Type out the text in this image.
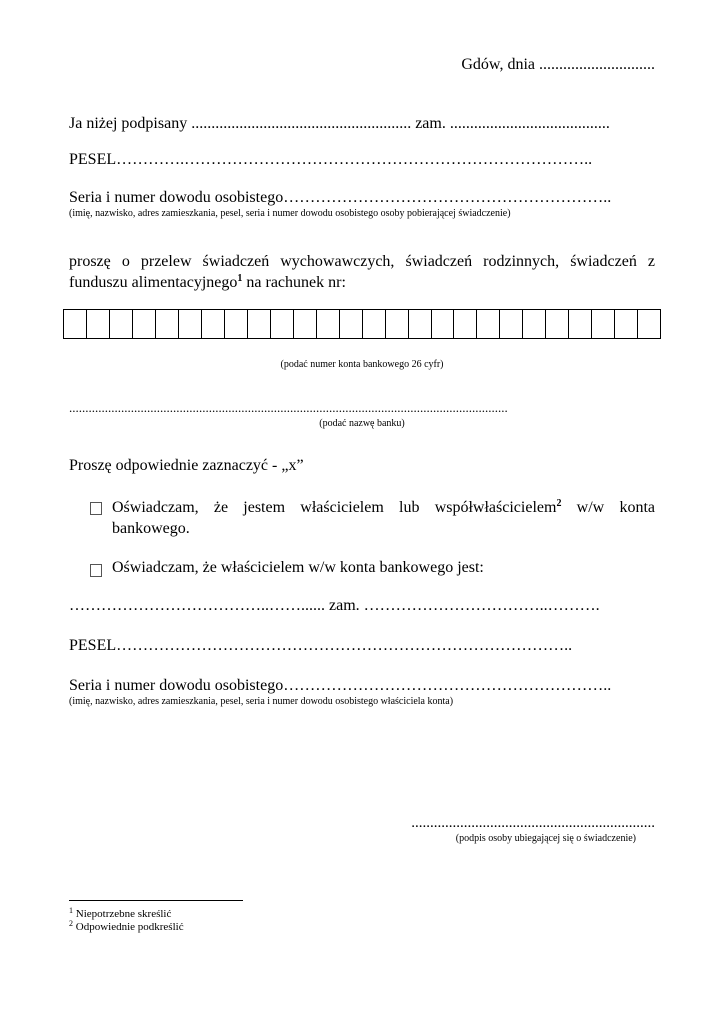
Gdów, dnia .............................
Ja niżej podpisany ....................................................... zam. ........................................
PESEL………….…………………………………………………………………..
Seria i numer dowodu osobistego……………………………………………………..
(imię, nazwisko, adres zamieszkania, pesel, seria i numer dowodu osobistego osoby pobierającej świadczenie)
proszę o przelew świadczeń wychowawczych, świadczeń rodzinnych, świadczeń z funduszu alimentacyjnego$^1$ na rachunek nr:
(podać numer konta bankowego 26 cyfr)
.......................................................................................................................................
(podać nazwę banku)
Proszę odpowiednie zaznaczyć - „x”
Oświadczam, że jestem właścicielem lub współwłaścicielem$^2$ w/w konta bankowego.
Oświadczam, że właścicielem w/w konta bankowego jest:
………………………………..……...... zam. ……………………………..……….
PESEL…………………………………………………………………………..
Seria i numer dowodu osobistego……………………………………………………..
(imię, nazwisko, adres zamieszkania, pesel, seria i numer dowodu osobistego właściciela konta)
.................................................................
(podpis osoby ubiegającej się o świadczenie)
$^1$ Niepotrzebne skreślić
$^2$ Odpowiednie podkreślić
